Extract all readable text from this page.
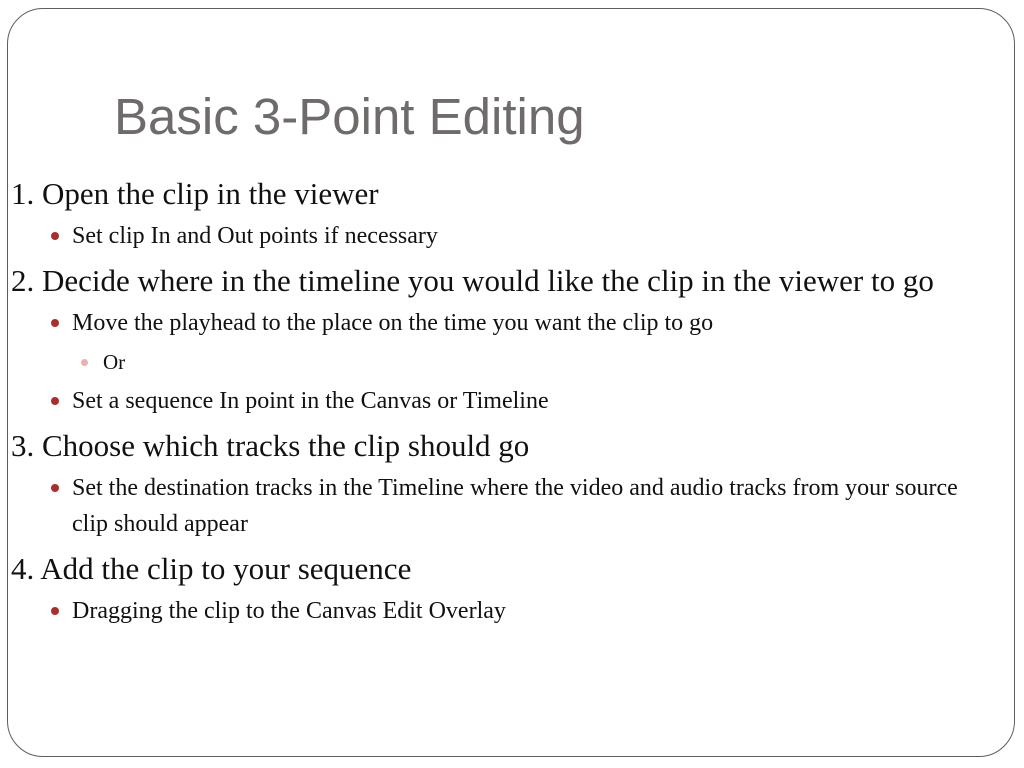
Basic 3-Point Editing
1. Open the clip in the viewer
Set clip In and Out points if necessary
2. Decide where in the timeline you would like the clip in the viewer to go
Move the playhead to the place on the time you want the clip to go
Or
Set a sequence In point in the Canvas or Timeline
3. Choose which tracks the clip should go
Set the destination tracks in the Timeline where the video and audio tracks from your source clip should appear
4. Add the clip to your sequence
Dragging the clip to the Canvas Edit Overlay
